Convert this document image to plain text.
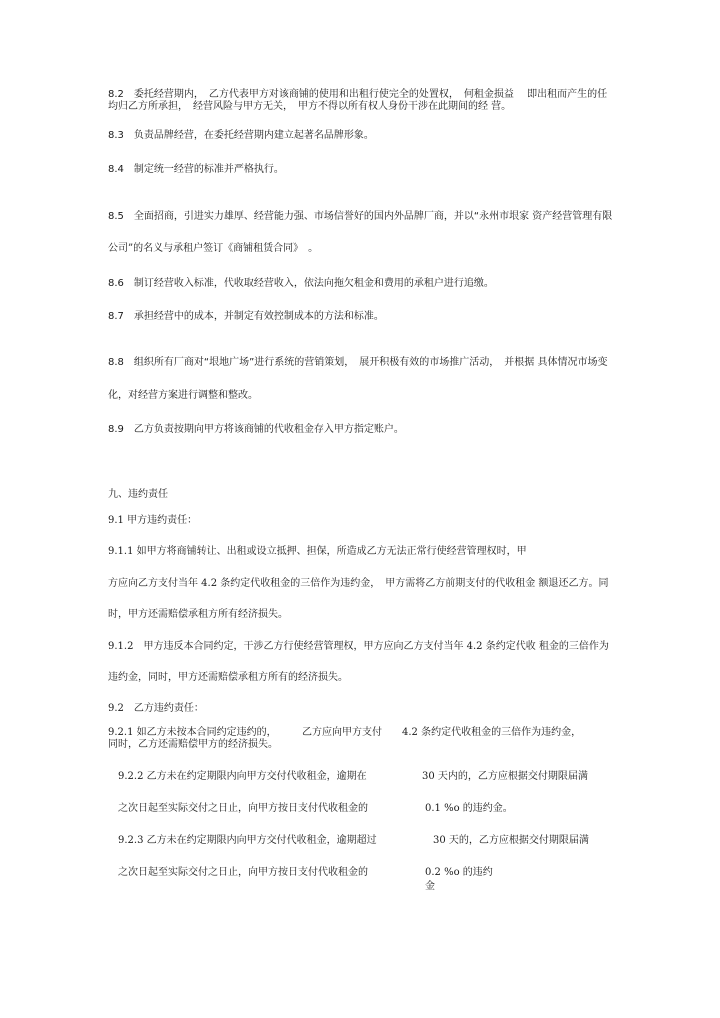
8.2　委托经营期内，　乙方代表甲方对该商铺的使用和出租行使完全的处置权，　何租金损益　 即出租而产生的任
均归乙方所承担，　经营风险与甲方无关，　甲方不得以所有权人身份干涉在此期间的经 营。
8.3　负责品牌经营，在委托经营期内建立起著名品牌形象。
8.4　制定统一经营的标准并严格执行。
8.5　全面招商，引进实力雄厚、经营能力强、市场信誉好的国内外品牌厂商，并以“永州市垠家 资产经营管理有限
公司”的名义与承租户签订《商铺租赁合同》　。
8.6　制订经营收入标准，代收取经营收入，依法向拖欠租金和费用的承租户进行追缴。
8.7　承担经营中的成本，并制定有效控制成本的方法和标准。
8.8　组织所有厂商对“垠地广场”进行系统的营销策划，　展开积极有效的市场推广活动，　并根据 具体情况市场变
化，对经营方案进行调整和整改。
8.9　乙方负责按期向甲方将该商铺的代收租金存入甲方指定账户。
九、违约责任
9.1 甲方违约责任：
9.1.1 如甲方将商铺转让、出租或设立抵押、担保，所造成乙方无法正常行使经营管理权时，甲
方应向乙方支付当年 4.2 条约定代收租金的三倍作为违约金，　甲方需将乙方前期支付的代收租金 额退还乙方。同
时，甲方还需赔偿承租方所有经济损失。
9.1.2　甲方违反本合同约定，干涉乙方行使经营管理权，甲方应向乙方支付当年 4.2 条约定代收 租金的三倍作为
违约金，同时，甲方还需赔偿承租方所有的经济损失。
9.2　乙方违约责任：
9.2.1 如乙方未按本合同约定违约的，	乙方应向甲方支付 4.2 条约定代收租金的三倍作为违约金，
同时，乙方还需赔偿甲方的经济损失。
9.2.2 乙方未在约定期限内向甲方交付代收租金，逾期在	30 天内的，乙方应根据交付期限届满
之次日起至实际交付之日止，向甲方按日支付代收租金的	0.1 %o 的违约金。
9.2.3 乙方未在约定期限内向甲方交付代收租金，逾期超过	30 天的，乙方应根据交付期限届满
之次日起至实际交付之日止，向甲方按日支付代收租金的	0.2 %o 的违约
金
